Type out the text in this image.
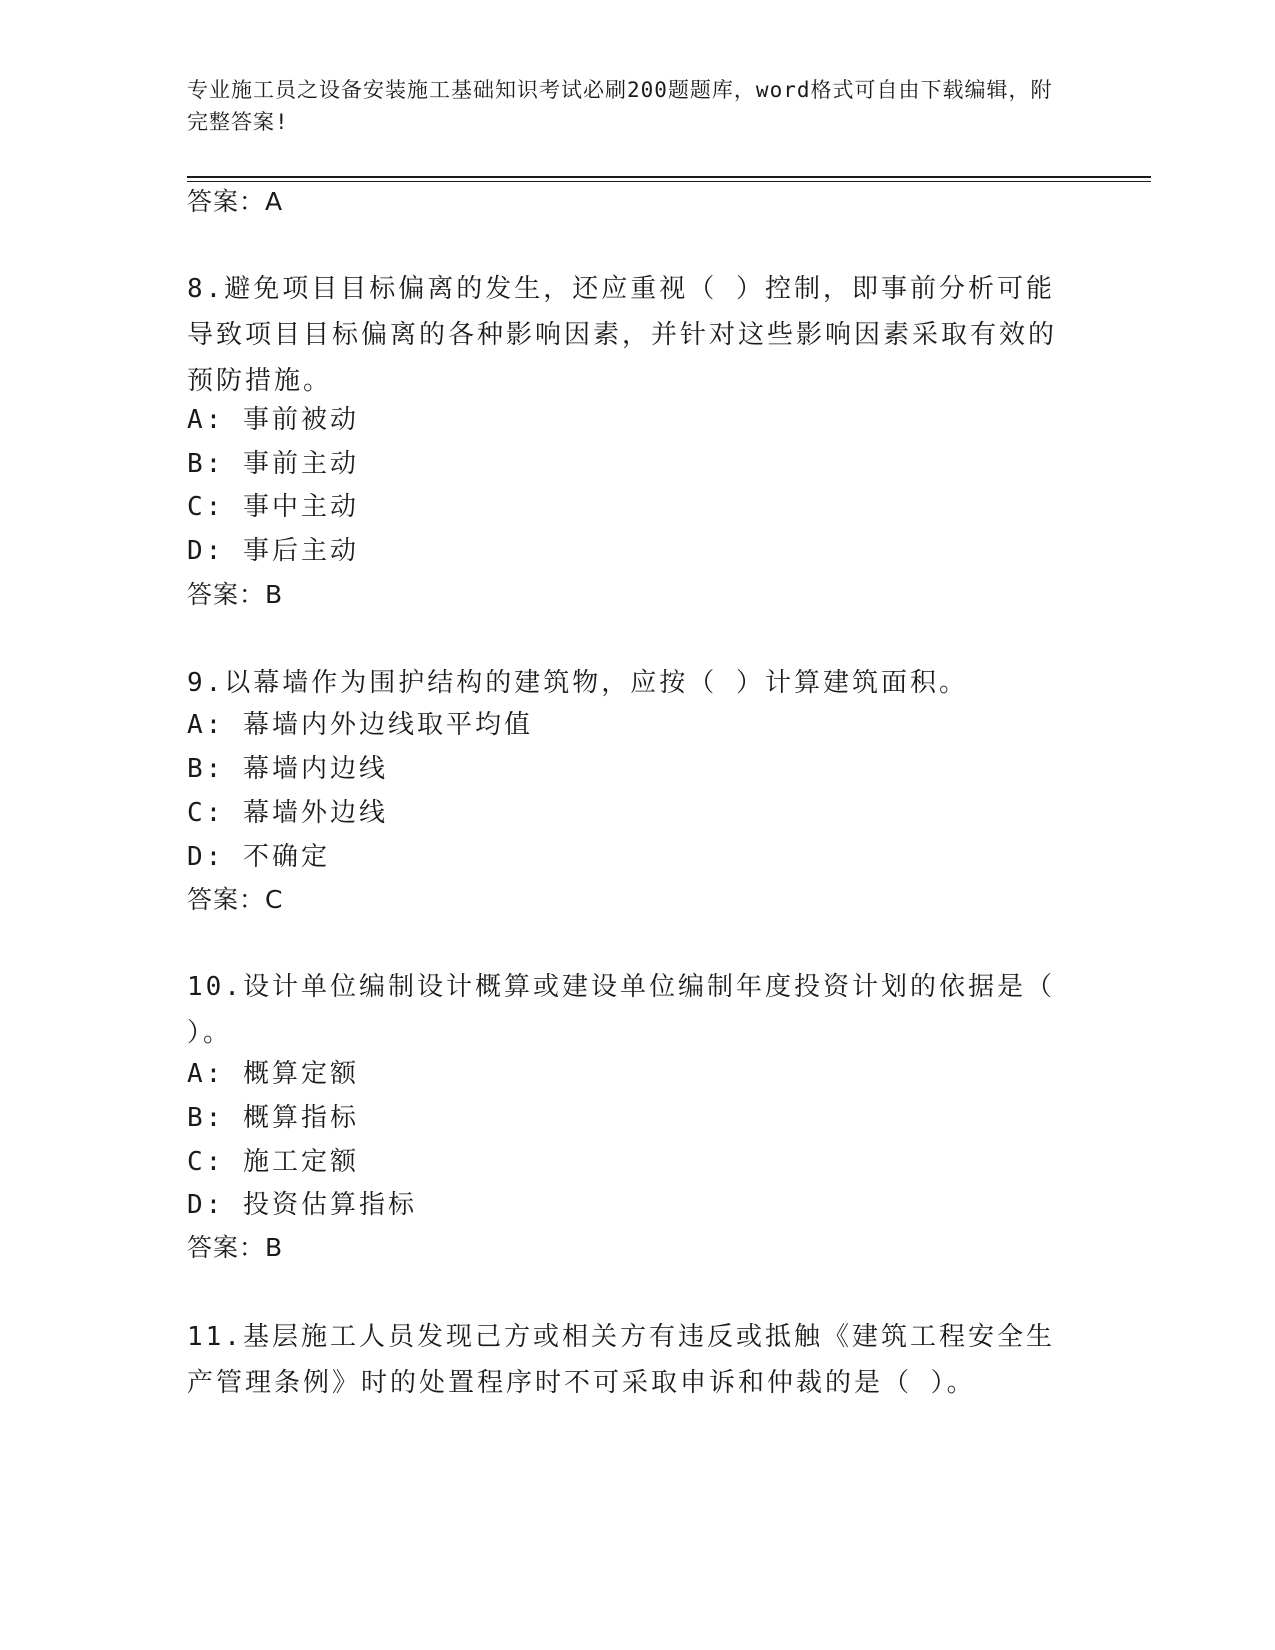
专业施工员之设备安装施工基础知识考试必刷200题题库，word格式可自由下载编辑，附完整答案!
答案：A
8.避免项目目标偏离的发生，还应重视（ ）控制，即事前分析可能导致项目目标偏离的各种影响因素，并针对这些影响因素采取有效的预防措施。
A: 事前被动
B: 事前主动
C: 事中主动
D: 事后主动
答案：B
9.以幕墙作为围护结构的建筑物，应按（ ）计算建筑面积。
A: 幕墙内外边线取平均值
B: 幕墙内边线
C: 幕墙外边线
D: 不确定
答案：C
10.设计单位编制设计概算或建设单位编制年度投资计划的依据是（ ）。
A: 概算定额
B: 概算指标
C: 施工定额
D: 投资估算指标
答案：B
11.基层施工人员发现己方或相关方有违反或抵触《建筑工程安全生产管理条例》时的处置程序时不可采取申诉和仲裁的是（ ）。
